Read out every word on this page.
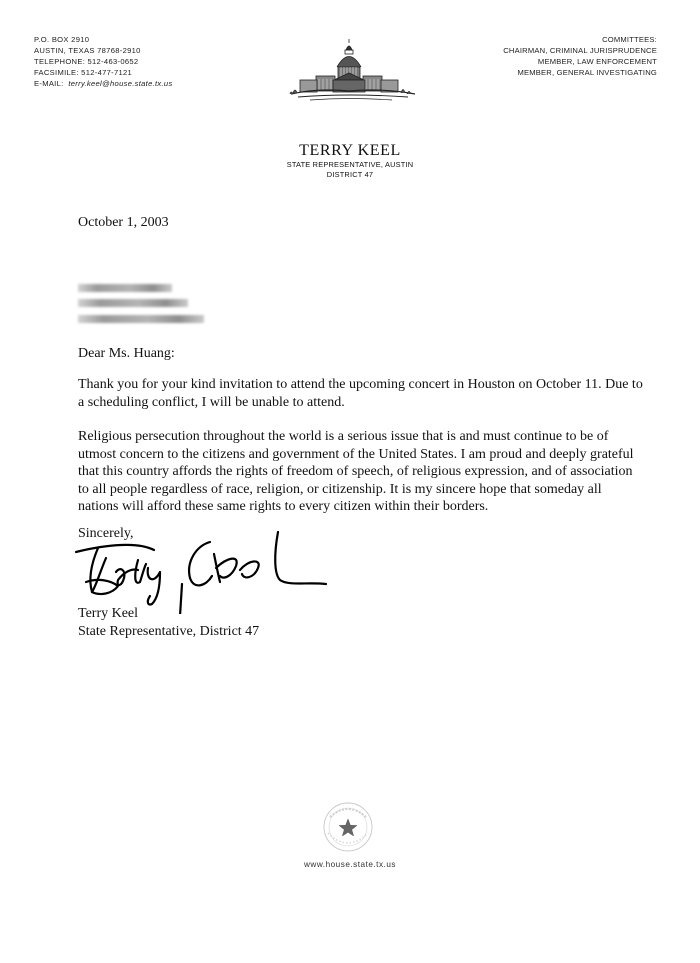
P.O. BOX 2910
AUSTIN, TEXAS 78768-2910
TELEPHONE: 512-463-0652
FACSIMILE: 512-477-7121
E-MAIL: terry.keel@house.state.tx.us
COMMITTEES:
CHAIRMAN, CRIMINAL JURISPRUDENCE
MEMBER, LAW ENFORCEMENT
MEMBER, GENERAL INVESTIGATING
TERRY KEEL
STATE REPRESENTATIVE, AUSTIN
DISTRICT 47
October 1, 2003
Dear Ms. Huang:
Thank you for your kind invitation to attend the upcoming concert in Houston on October 11. Due to a scheduling conflict, I will be unable to attend.
Religious persecution throughout the world is a serious issue that is and must continue to be of utmost concern to the citizens and government of the United States. I am proud and deeply grateful that this country affords the rights of freedom of speech, of religious expression, and of association to all people regardless of race, religion, or citizenship. It is my sincere hope that someday all nations will afford these same rights to every citizen within their borders.
Sincerely,
Terry Keel
State Representative, District 47
www.house.state.tx.us
